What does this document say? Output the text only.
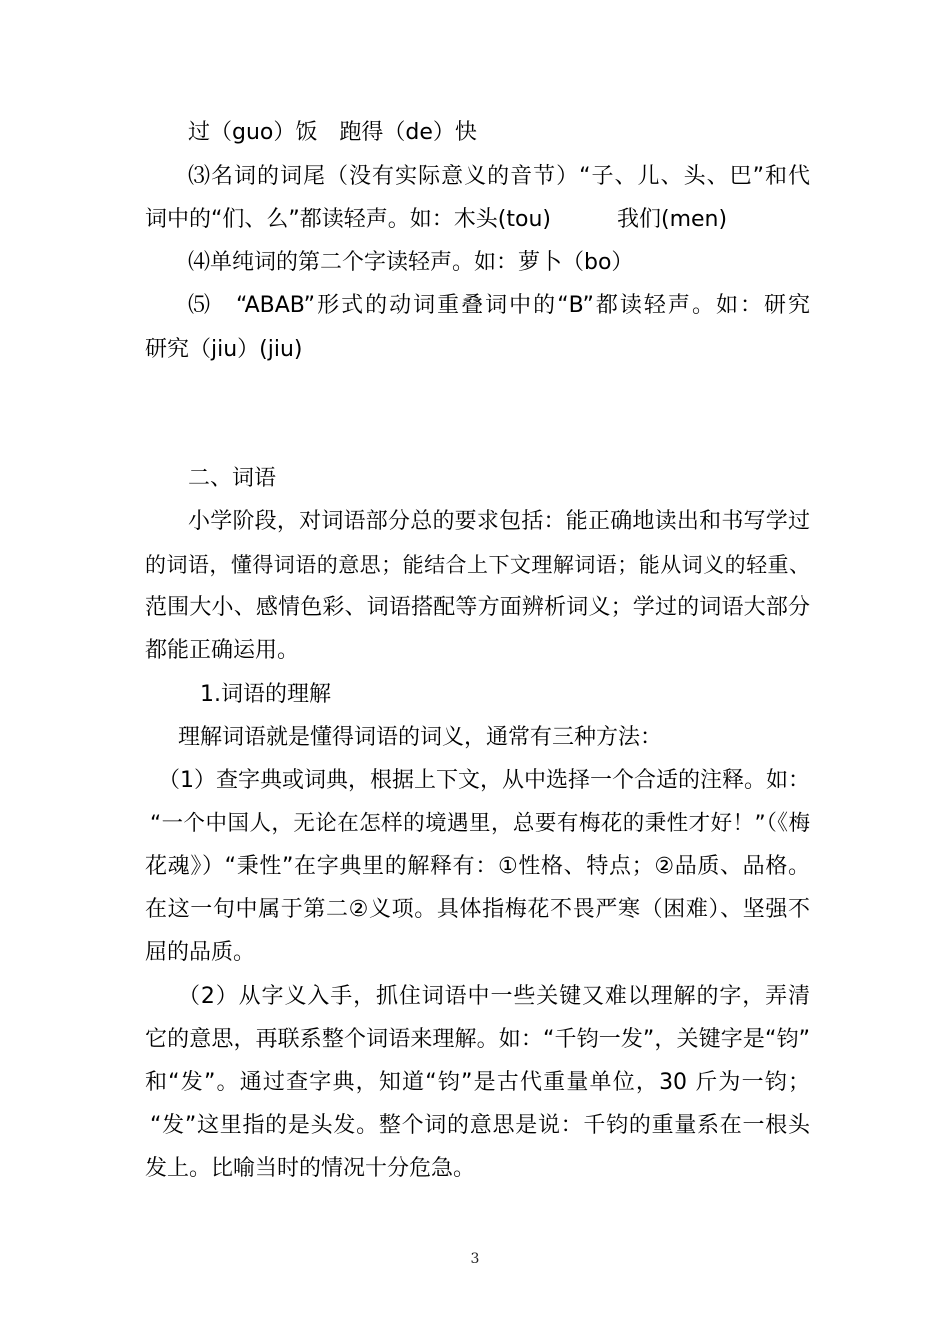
过（guo）饭　跑得（de）快
⑶名词的词尾（没有实际意义的音节）“子、儿、头、巴”和代
词中的“们、么”都读轻声。如：木头(tou)　　　我们(men)
⑷单纯词的第二个字读轻声。如：萝卜（bo）
⑸　“ABAB”形式的动词重叠词中的“B”都读轻声。如：研究
研究（jiu）(jiu)
二、词语
小学阶段，对词语部分总的要求包括：能正确地读出和书写学过
的词语，懂得词语的意思；能结合上下文理解词语；能从词义的轻重、
范围大小、感情色彩、词语搭配等方面辨析词义；学过的词语大部分
都能正确运用。
1.词语的理解
理解词语就是懂得词语的词义，通常有三种方法：
（1）查字典或词典，根据上下文，从中选择一个合适的注释。如：
“一个中国人，无论在怎样的境遇里，总要有梅花的秉性才好！”（《梅
花魂》）“秉性”在字典里的解释有：①性格、特点；②品质、品格。
在这一句中属于第二②义项。具体指梅花不畏严寒（困难）、坚强不
屈的品质。
（2）从字义入手，抓住词语中一些关键又难以理解的字，弄清
它的意思，再联系整个词语来理解。如：“千钧一发”，关键字是“钧”
和“发”。通过查字典，知道“钧”是古代重量单位，30 斤为一钧；
“发”这里指的是头发。整个词的意思是说：千钧的重量系在一根头
发上。比喻当时的情况十分危急。
3
